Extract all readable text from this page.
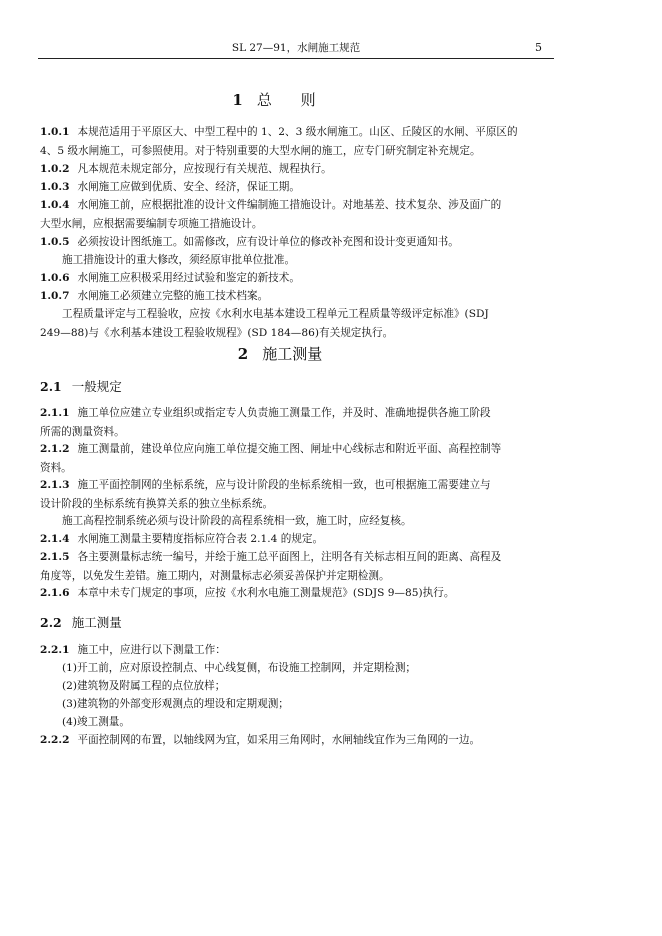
SL 27—91，水闸施工规范	5
1 总 则
1.0.1 本规范适用于平原区大、中型工程中的 1、2、3 级水闸施工。山区、丘陵区的水闸、平原区的
4、5 级水闸施工，可参照使用。对于特别重要的大型水闸的施工，应专门研究制定补充规定。
1.0.2 凡本规范未规定部分，应按现行有关规范、规程执行。
1.0.3 水闸施工应做到优质、安全、经济，保证工期。
1.0.4 水闸施工前，应根据批准的设计文件编制施工措施设计。对地基差、技术复杂、涉及面广的
大型水闸，应根据需要编制专项施工措施设计。
1.0.5 必须按设计图纸施工。如需修改，应有设计单位的修改补充图和设计变更通知书。
施工措施设计的重大修改，须经原审批单位批准。
1.0.6 水闸施工应积极采用经过试验和鉴定的新技术。
1.0.7 水闸施工必须建立完整的施工技术档案。
工程质量评定与工程验收，应按《水利水电基本建设工程单元工程质量等级评定标准》(SDJ
249—88)与《水利基本建设工程验收规程》(SD 184—86)有关规定执行。
2 施工测量
2.1 一般规定
2.1.1 施工单位应建立专业组织或指定专人负责施工测量工作，并及时、准确地提供各施工阶段
所需的测量资料。
2.1.2 施工测量前，建设单位应向施工单位提交施工图、闸址中心线标志和附近平面、高程控制等
资料。
2.1.3 施工平面控制网的坐标系统，应与设计阶段的坐标系统相一致，也可根据施工需要建立与
设计阶段的坐标系统有换算关系的独立坐标系统。
施工高程控制系统必须与设计阶段的高程系统相一致，施工时，应经复核。
2.1.4 水闸施工测量主要精度指标应符合表 2.1.4 的规定。
2.1.5 各主要测量标志统一编号，并绘于施工总平面图上，注明各有关标志相互间的距离、高程及
角度等，以免发生差错。施工期内，对测量标志必须妥善保护并定期检测。
2.1.6 本章中未专门规定的事项，应按《水利水电施工测量规范》(SDJS 9—85)执行。
2.2 施工测量
2.2.1 施工中，应进行以下测量工作：
(1)开工前，应对原设控制点、中心线复侧，布设施工控制网，并定期检测；
(2)建筑物及附属工程的点位放样；
(3)建筑物的外部变形观测点的埋设和定期观测；
(4)竣工测量。
2.2.2 平面控制网的布置，以轴线网为宜，如采用三角网时，水闸轴线宜作为三角网的一边。
